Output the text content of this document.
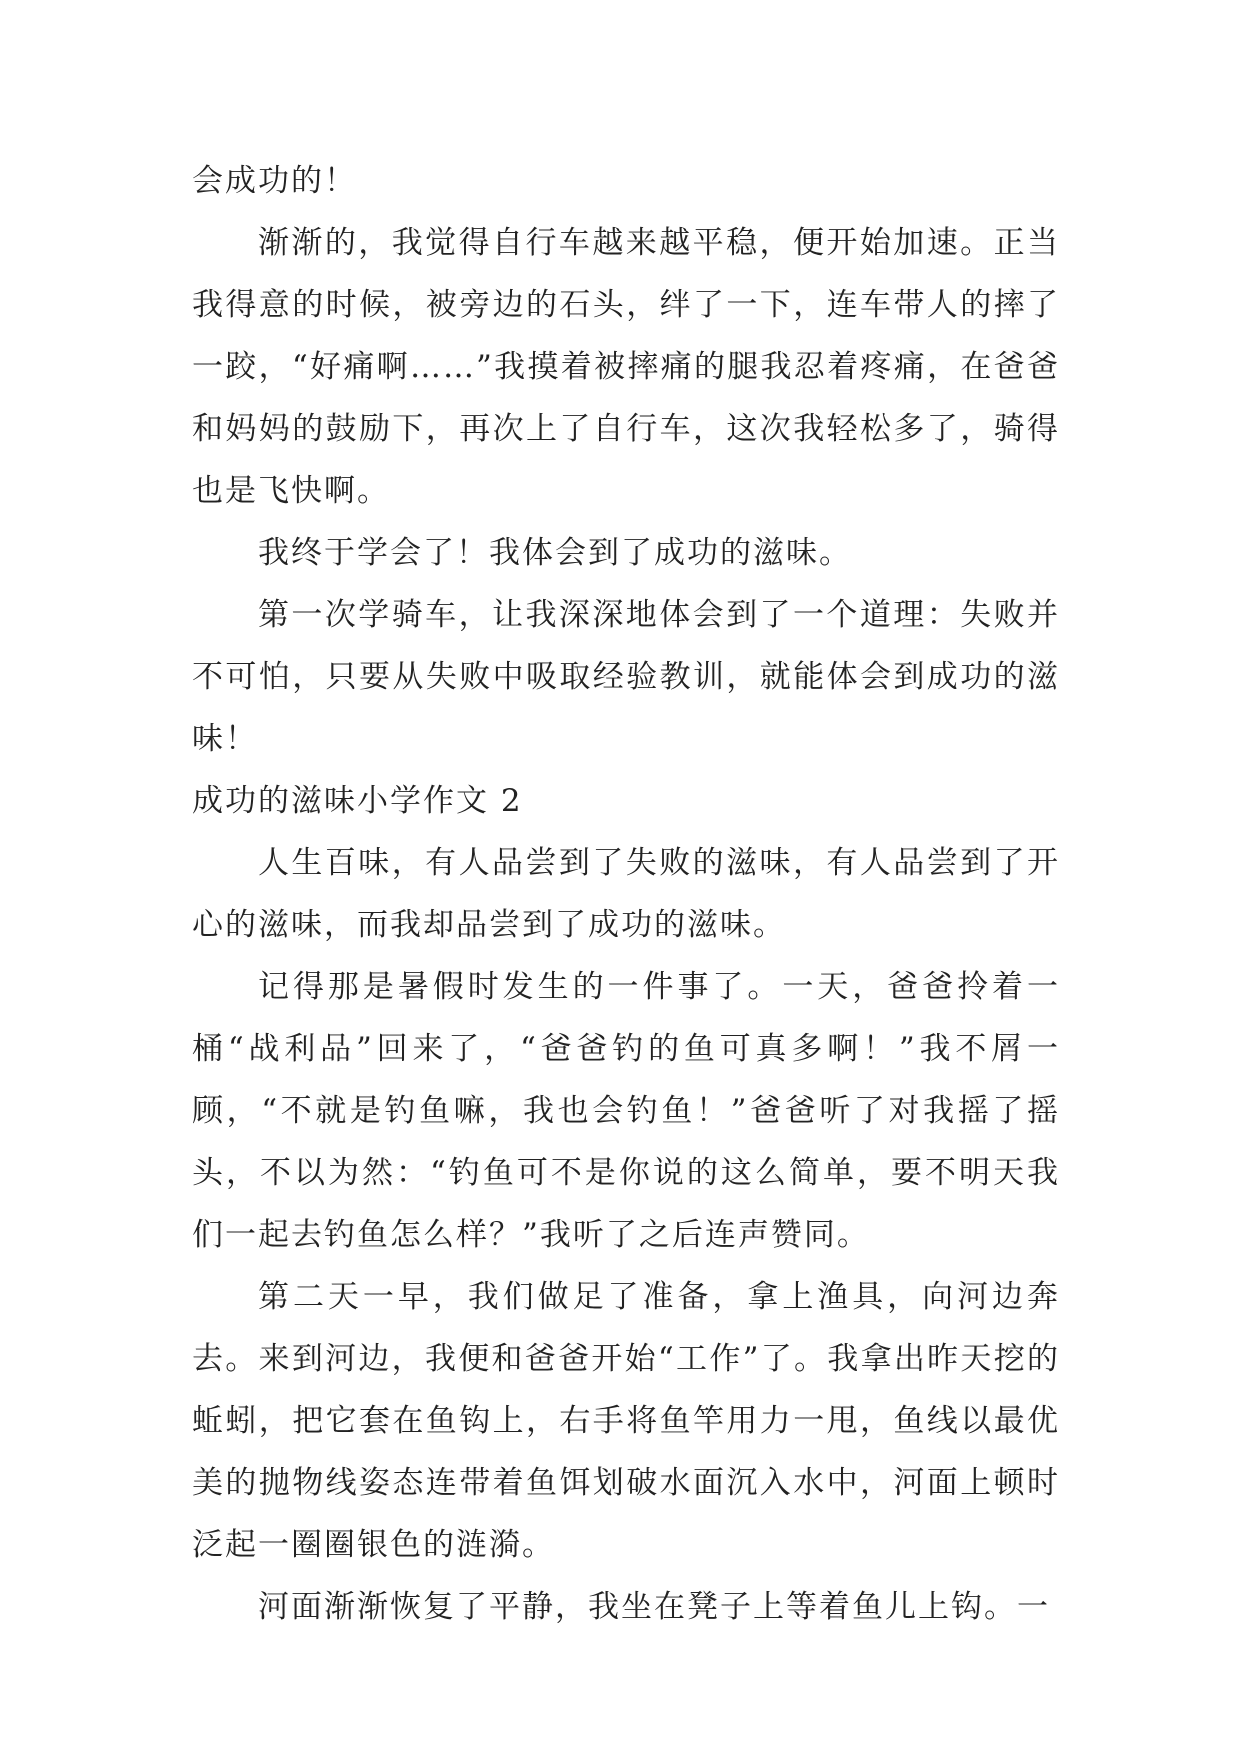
会成功的！

渐渐的，我觉得自行车越来越平稳，便开始加速。正当我得意的时候，被旁边的石头，绊了一下，连车带人的摔了一跤，“好痛啊……”我摸着被摔痛的腿我忍着疼痛，在爸爸和妈妈的鼓励下，再次上了自行车，这次我轻松多了，骑得也是飞快啊。

我终于学会了！我体会到了成功的滋味。

第一次学骑车，让我深深地体会到了一个道理：失败并不可怕，只要从失败中吸取经验教训，就能体会到成功的滋味！

成功的滋味小学作文 2

人生百味，有人品尝到了失败的滋味，有人品尝到了开心的滋味，而我却品尝到了成功的滋味。

记得那是暑假时发生的一件事了。一天，爸爸拎着一桶“战利品”回来了，“爸爸钓的鱼可真多啊！”我不屑一顾，“不就是钓鱼嘛，我也会钓鱼！”爸爸听了对我摇了摇头，不以为然：“钓鱼可不是你说的这么简单，要不明天我们一起去钓鱼怎么样？”我听了之后连声赞同。

第二天一早，我们做足了准备，拿上渔具，向河边奔去。来到河边，我便和爸爸开始“工作”了。我拿出昨天挖的蚯蚓，把它套在鱼钩上，右手将鱼竿用力一甩，鱼线以最优美的抛物线姿态连带着鱼饵划破水面沉入水中，河面上顿时泛起一圈圈银色的涟漪。

河面渐渐恢复了平静，我坐在凳子上等着鱼儿上钩。一
